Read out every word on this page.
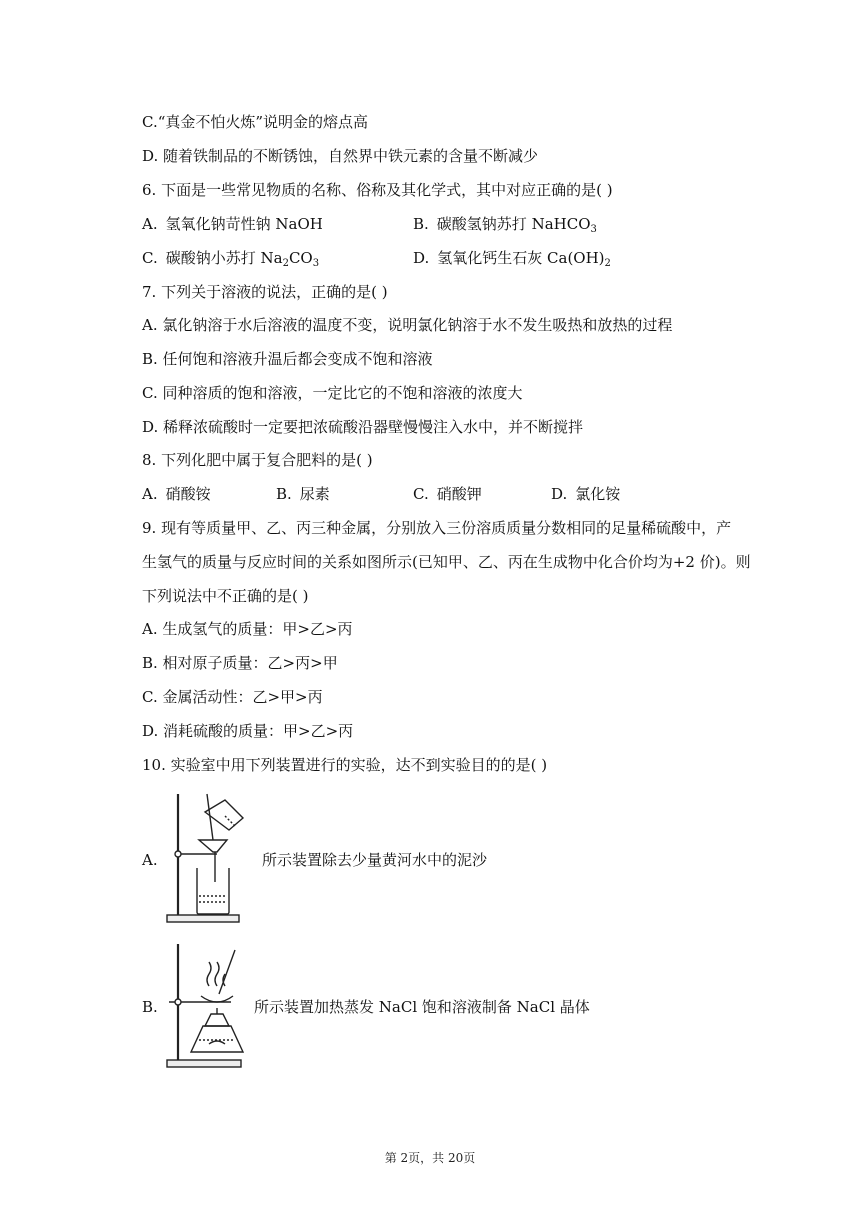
C.“真金不怕火炼”说明金的熔点高
D. 随着铁制品的不断锈蚀，自然界中铁元素的含量不断减少
6. 下面是一些常见物质的名称、俗称及其化学式，其中对应正确的是( )
A. 氢氧化钠苛性钠 NaOH	B. 碳酸氢钠苏打 NaHCO$_3$
C. 碳酸钠小苏打 $Na_2CO_3$	D. 氢氧化钙生石灰 $Ca(OH)_2$
7. 下列关于溶液的说法，正确的是( )
A. 氯化钠溶于水后溶液的温度不变，说明氯化钠溶于水不发生吸热和放热的过程
B. 任何饱和溶液升温后都会变成不饱和溶液
C. 同种溶质的饱和溶液，一定比它的不饱和溶液的浓度大
D. 稀释浓硫酸时一定要把浓硫酸沿器壁慢慢注入水中，并不断搅拌
8. 下列化肥中属于复合肥料的是( )
A. 硝酸铵	B. 尿素	C. 硝酸钾	D. 氯化铵
9. 现有等质量甲、乙、丙三种金属，分别放入三份溶质质量分数相同的足量稀硫酸中，产
生氢气的质量与反应时间的关系如图所示(已知甲、乙、丙在生成物中化合价均为+2 价)。则
下列说法中不正确的是( )
A. 生成氢气的质量：甲>乙>丙
B. 相对原子质量：乙>丙>甲
C. 金属活动性：乙>甲>丙
D. 消耗硫酸的质量：甲>乙>丙
10. 实验室中用下列装置进行的实验，达不到实验目的的是( )
A.	所示装置除去少量黄河水中的泥沙
B.	所示装置加热蒸发 NaCl 饱和溶液制备 NaCl 晶体
第 2页，共 20页
